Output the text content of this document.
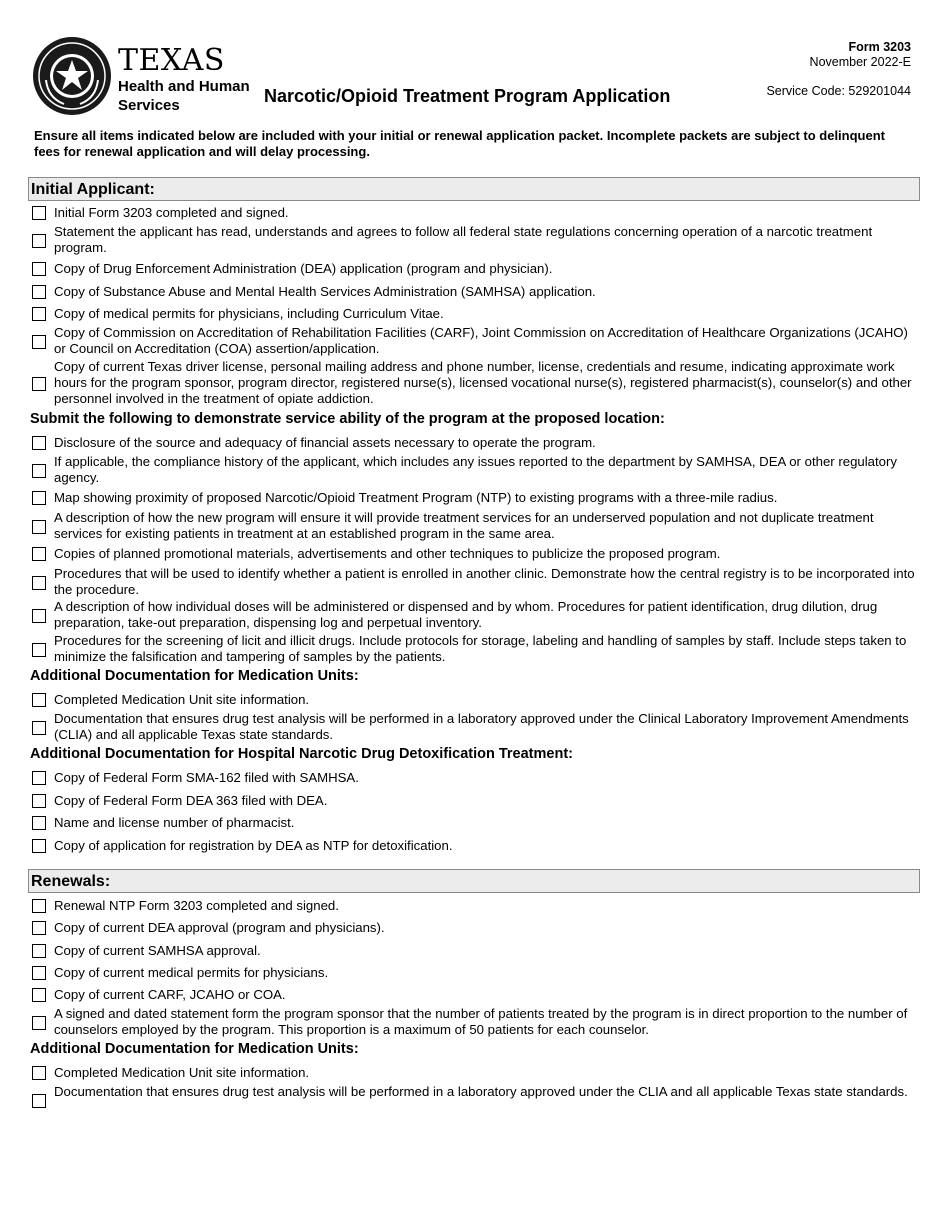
TEXAS
Health and Human
Services	Narcotic/Opioid Treatment Program Application
Form 3203
November 2022-E
Service Code: 529201044
Ensure all items indicated below are included with your initial or renewal application packet. Incomplete packets are subject to delinquent fees for renewal application and will delay processing.
Initial Applicant:
Initial Form 3203 completed and signed.
Statement the applicant has read, understands and agrees to follow all federal state regulations concerning operation of a narcotic treatment program.
Copy of Drug Enforcement Administration (DEA) application (program and physician).
Copy of Substance Abuse and Mental Health Services Administration (SAMHSA) application.
Copy of medical permits for physicians, including Curriculum Vitae.
Copy of Commission on Accreditation of Rehabilitation Facilities (CARF), Joint Commission on Accreditation of Healthcare Organizations (JCAHO) or Council on Accreditation (COA) assertion/application.
Copy of current Texas driver license, personal mailing address and phone number, license, credentials and resume, indicating approximate work hours for the program sponsor, program director, registered nurse(s), licensed vocational nurse(s), registered pharmacist(s), counselor(s) and other personnel involved in the treatment of opiate addiction.
Submit the following to demonstrate service ability of the program at the proposed location:
Disclosure of the source and adequacy of financial assets necessary to operate the program.
If applicable, the compliance history of the applicant, which includes any issues reported to the department by SAMHSA, DEA or other regulatory agency.
Map showing proximity of proposed Narcotic/Opioid Treatment Program (NTP) to existing programs with a three-mile radius.
A description of how the new program will ensure it will provide treatment services for an underserved population and not duplicate treatment services for existing patients in treatment at an established program in the same area.
Copies of planned promotional materials, advertisements and other techniques to publicize the proposed program.
Procedures that will be used to identify whether a patient is enrolled in another clinic. Demonstrate how the central registry is to be incorporated into the procedure.
A description of how individual doses will be administered or dispensed and by whom. Procedures for patient identification, drug dilution, drug preparation, take-out preparation, dispensing log and perpetual inventory.
Procedures for the screening of licit and illicit drugs. Include protocols for storage, labeling and handling of samples by staff. Include steps taken to minimize the falsification and tampering of samples by the patients.
Additional Documentation for Medication Units:
Completed Medication Unit site information.
Documentation that ensures drug test analysis will be performed in a laboratory approved under the Clinical Laboratory Improvement Amendments (CLIA) and all applicable Texas state standards.
Additional Documentation for Hospital Narcotic Drug Detoxification Treatment:
Copy of Federal Form SMA-162 filed with SAMHSA.
Copy of Federal Form DEA 363 filed with DEA.
Name and license number of pharmacist.
Copy of application for registration by DEA as NTP for detoxification.
Renewals:
Renewal NTP Form 3203 completed and signed.
Copy of current DEA approval (program and physicians).
Copy of current SAMHSA approval.
Copy of current medical permits for physicians.
Copy of current CARF, JCAHO or COA.
A signed and dated statement form the program sponsor that the number of patients treated by the program is in direct proportion to the number of counselors employed by the program. This proportion is a maximum of 50 patients for each counselor.
Additional Documentation for Medication Units:
Completed Medication Unit site information.
Documentation that ensures drug test analysis will be performed in a laboratory approved under the CLIA and all applicable Texas state standards.
